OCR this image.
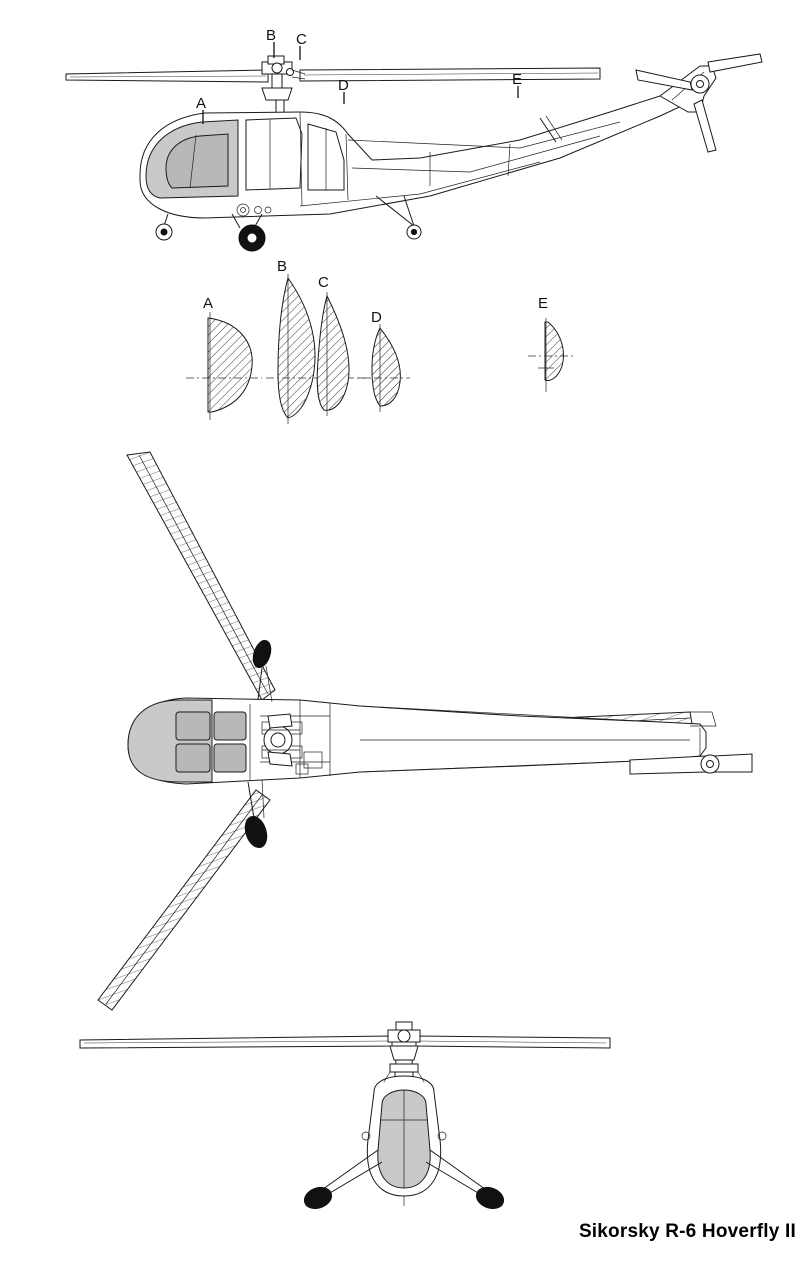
A
B C
D	E
A
B
C
D
E
Sikorsky R-6 Hoverfly II
